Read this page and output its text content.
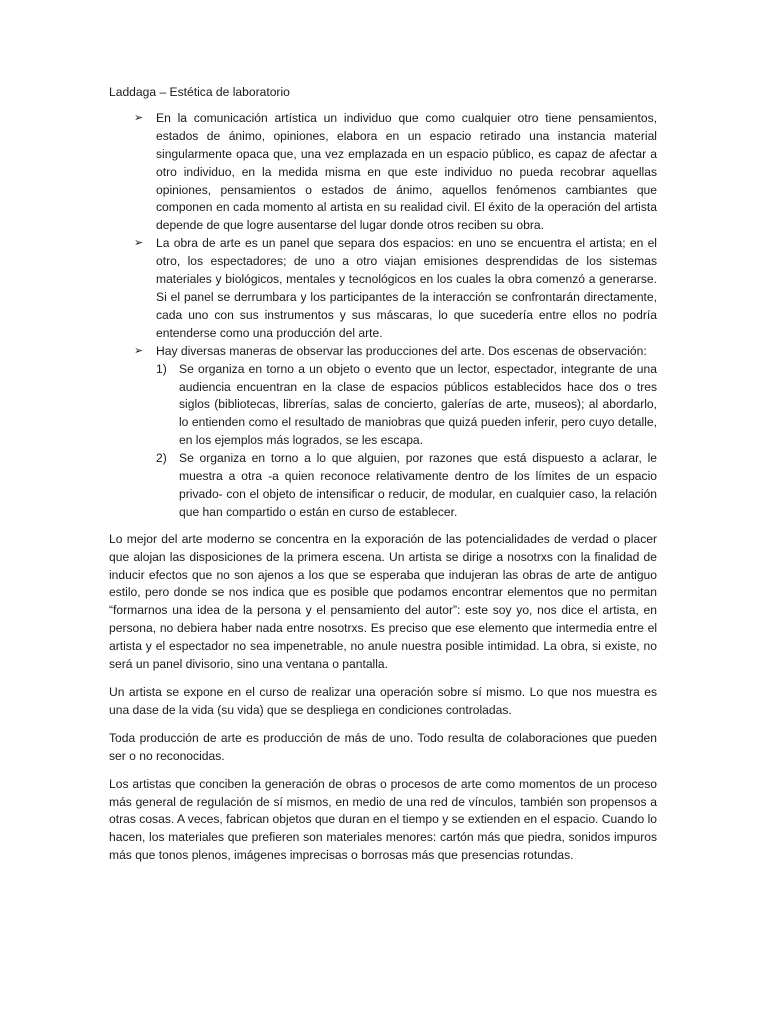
Laddaga – Estética de laboratorio
➢	En la comunicación artística un individuo que como cualquier otro tiene pensamientos, estados de ánimo, opiniones, elabora en un espacio retirado una instancia material singularmente opaca que, una vez emplazada en un espacio público, es capaz de afectar a otro individuo, en la medida misma en que este individuo no pueda recobrar aquellas opiniones, pensamientos o estados de ánimo, aquellos fenómenos cambiantes que componen en cada momento al artista en su realidad civil. El éxito de la operación del artista depende de que logre ausentarse del lugar donde otros reciben su obra.
➢	La obra de arte es un panel que separa dos espacios: en uno se encuentra el artista; en el otro, los espectadores; de uno a otro viajan emisiones desprendidas de los sistemas materiales y biológicos, mentales y tecnológicos en los cuales la obra comenzó a generarse. Si el panel se derrumbara y los participantes de la interacción se confrontarán directamente, cada uno con sus instrumentos y sus máscaras, lo que sucedería entre ellos no podría entenderse como una producción del arte.
➢	Hay diversas maneras de observar las producciones del arte. Dos escenas de observación:
1) Se organiza en torno a un objeto o evento que un lector, espectador, integrante de una audiencia encuentran en la clase de espacios públicos establecidos hace dos o tres siglos (bibliotecas, librerías, salas de concierto, galerías de arte, museos); al abordarlo, lo entienden como el resultado de maniobras que quizá pueden inferir, pero cuyo detalle, en los ejemplos más logrados, se les escapa.
2) Se organiza en torno a lo que alguien, por razones que está dispuesto a aclarar, le muestra a otra -a quien reconoce relativamente dentro de los límites de un espacio privado- con el objeto de intensificar o reducir, de modular, en cualquier caso, la relación que han compartido o están en curso de establecer.

Lo mejor del arte moderno se concentra en la exporación de las potencialidades de verdad o placer que alojan las disposiciones de la primera escena. Un artista se dirige a nosotrxs con la finalidad de inducir efectos que no son ajenos a los que se esperaba que indujeran las obras de arte de antiguo estilo, pero donde se nos indica que es posible que podamos encontrar elementos que no permitan “formarnos una idea de la persona y el pensamiento del autor”: este soy yo, nos dice el artista, en persona, no debiera haber nada entre nosotrxs. Es preciso que ese elemento que intermedia entre el artista y el espectador no sea impenetrable, no anule nuestra posible intimidad. La obra, si existe, no será un panel divisorio, sino una ventana o pantalla.

Un artista se expone en el curso de realizar una operación sobre sí mismo. Lo que nos muestra es una dase de la vida (su vida) que se despliega en condiciones controladas.

Toda producción de arte es producción de más de uno. Todo resulta de colaboraciones que pueden ser o no reconocidas.

Los artistas que conciben la generación de obras o procesos de arte como momentos de un proceso más general de regulación de sí mismos, en medio de una red de vínculos, también son propensos a otras cosas. A veces, fabrican objetos que duran en el tiempo y se extienden en el espacio. Cuando lo hacen, los materiales que prefieren son materiales menores: cartón más que piedra, sonidos impuros más que tonos plenos, imágenes imprecisas o borrosas más que presencias rotundas.
